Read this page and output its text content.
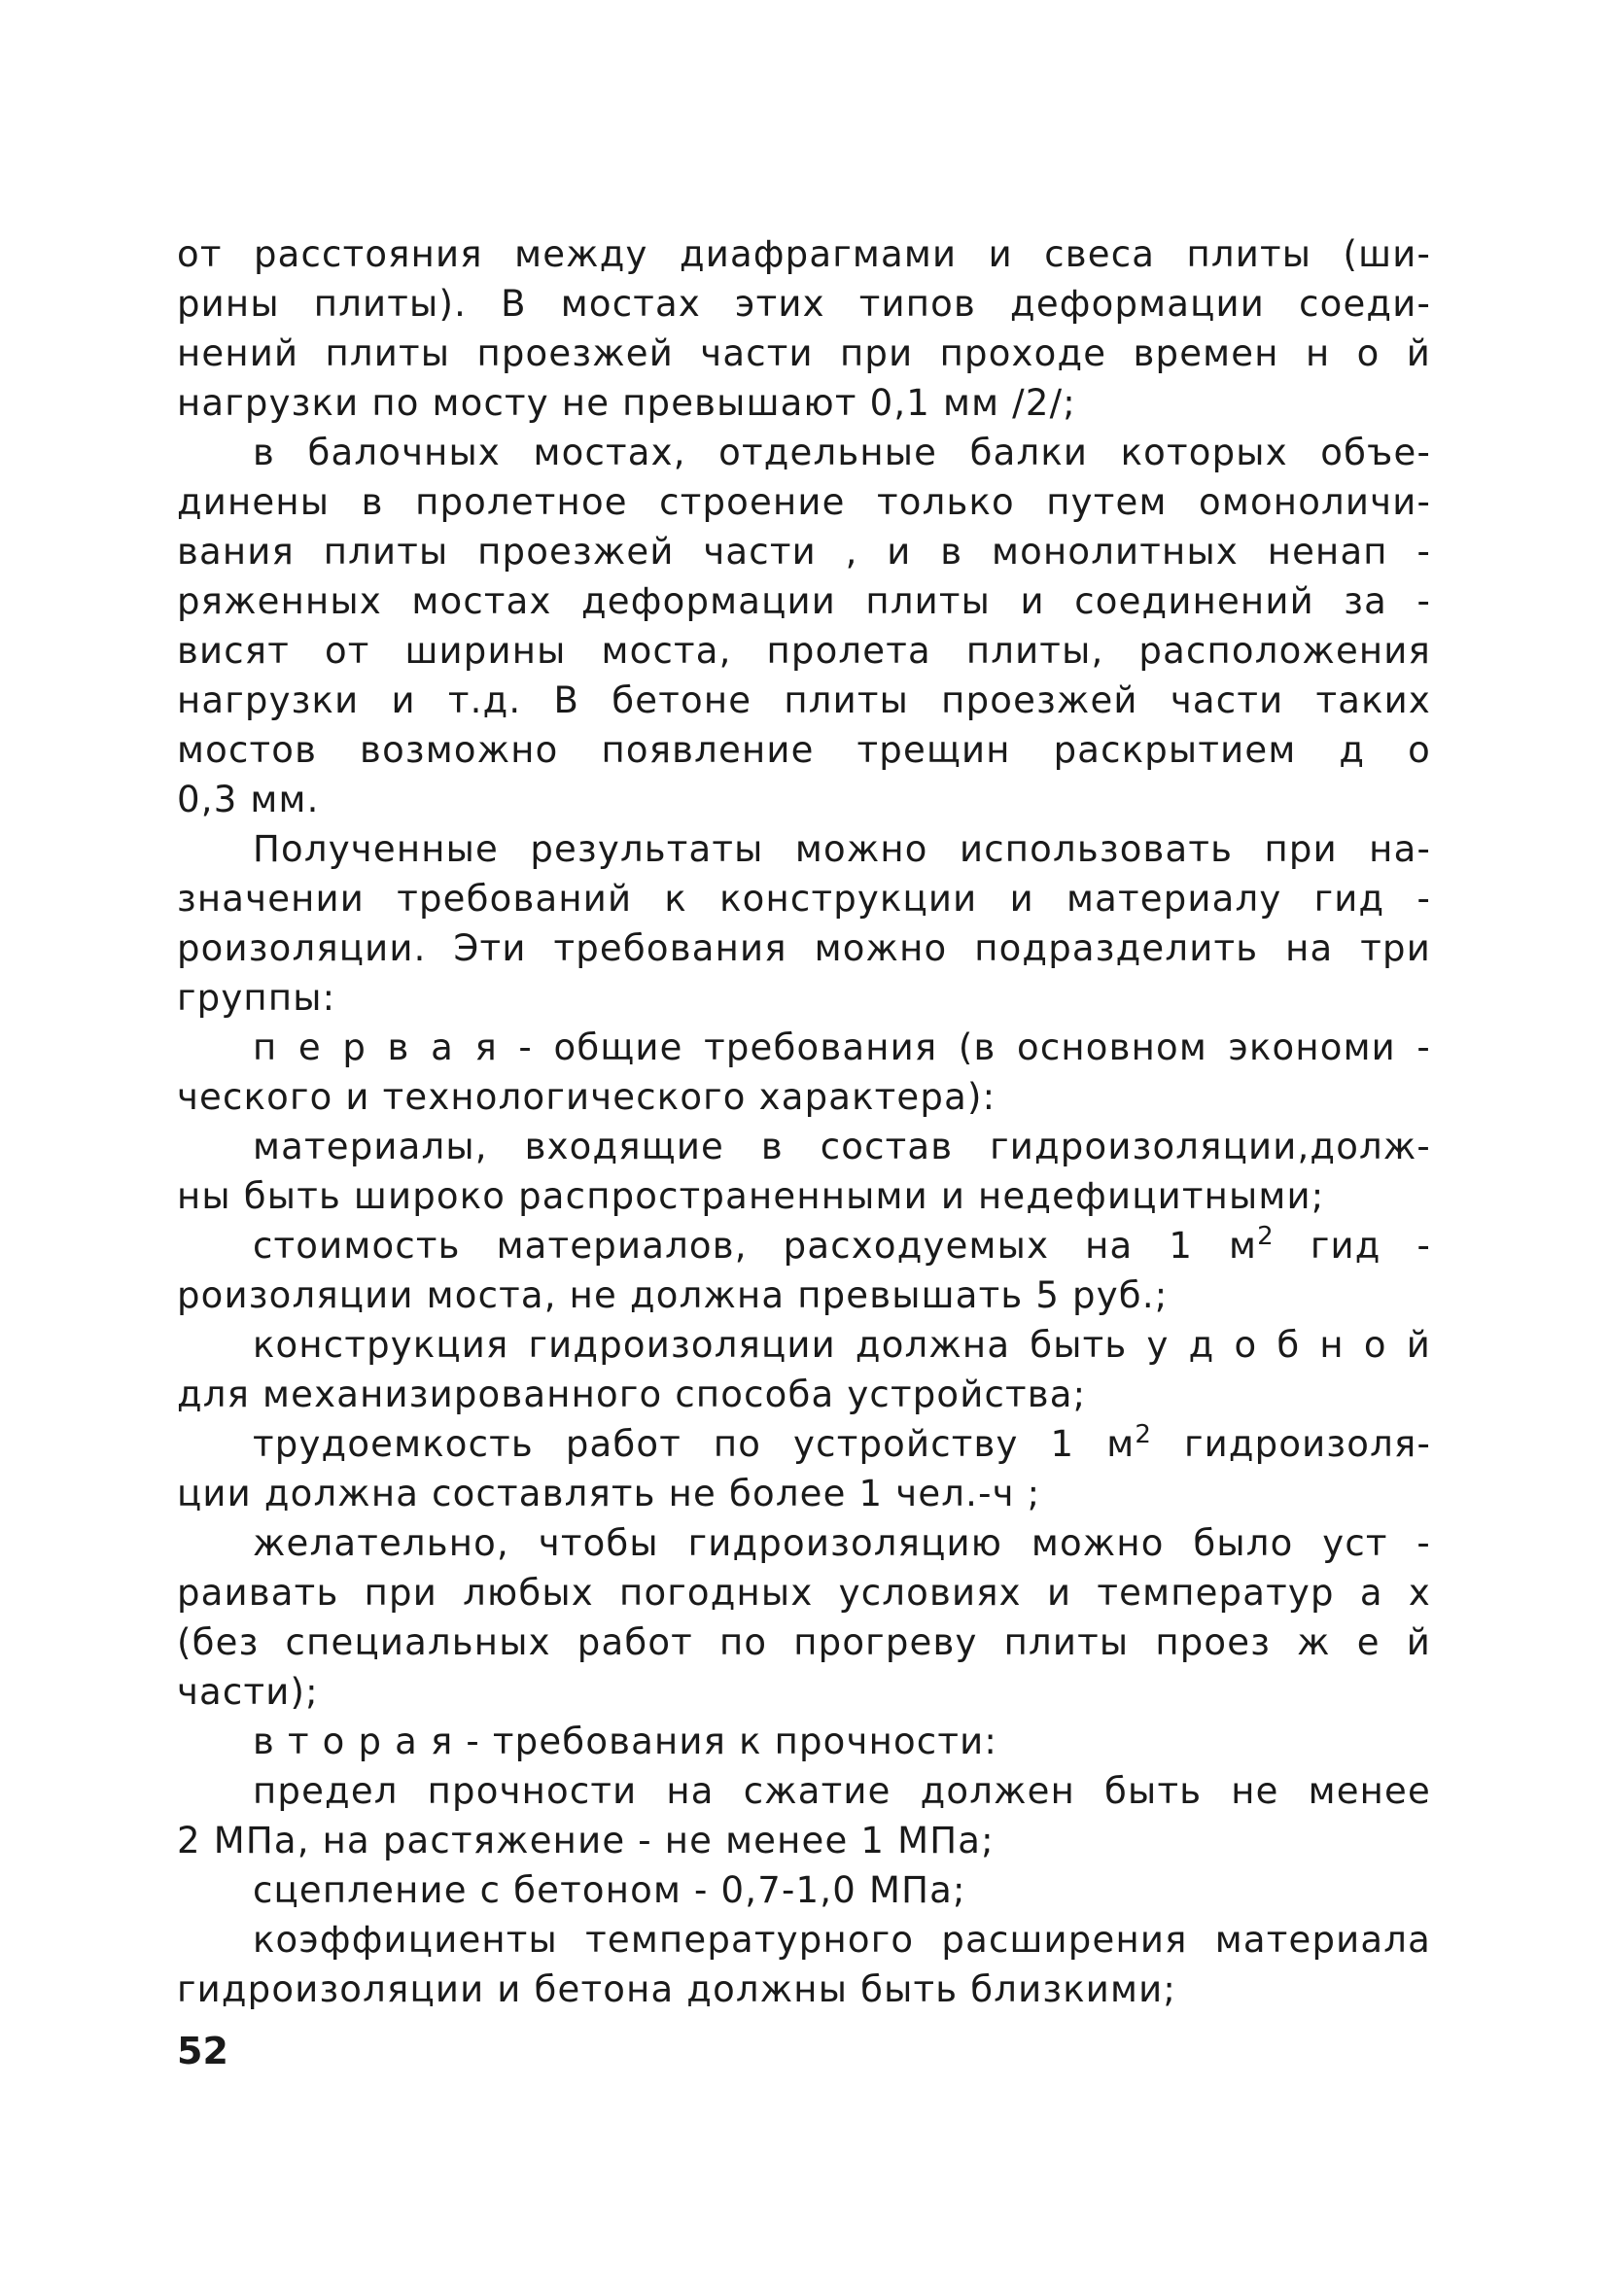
от расстояния между диафрагмами и свеса плиты (ши-
рины плиты). В мостах этих типов деформации соеди-
нений плиты проезжей части при проходе времен н о й
нагрузки по мосту не превышают 0,1 мм /2/;
в балочных мостах, отдельные балки которых объе-
динены в пролетное строение только путем омоноличи-
вания плиты проезжей части , и в монолитных ненап -
ряженных мостах деформации плиты и соединений за -
висят от ширины моста, пролета плиты, расположения
нагрузки и т.д. В бетоне плиты проезжей части таких
мостов возможно появление трещин раскрытием д о
0,3 мм.
Полученные результаты можно использовать при на-
значении требований к конструкции и материалу гид -
роизоляции. Эти требования можно подразделить на три
группы:
п е р в а я - общие требования (в основном экономи -
ческого и технологического характера):
материалы, входящие в состав гидроизоляции,долж-
ны быть широко распространенными и недефицитными;
стоимость материалов, расходуемых на 1 $м^2$ гид -
роизоляции моста, не должна превышать 5 руб.;
конструкция гидроизоляции должна быть у д о б н о й
для механизированного способа устройства;
трудоемкость работ по устройству 1 $м^2$ гидроизоля-
ции должна составлять не более 1 чел.-ч ;
желательно, чтобы гидроизоляцию можно было уст -
раивать при любых погодных условиях и температур а х
(без специальных работ по прогреву плиты проез ж е й
части);
в т о р а я - требования к прочности:
предел прочности на сжатие должен быть не менее
2 МПа, на растяжение - не менее 1 МПа;
сцепление с бетоном - 0,7-1,0 МПа;
коэффициенты температурного расширения материала
гидроизоляции и бетона должны быть близкими;
52
